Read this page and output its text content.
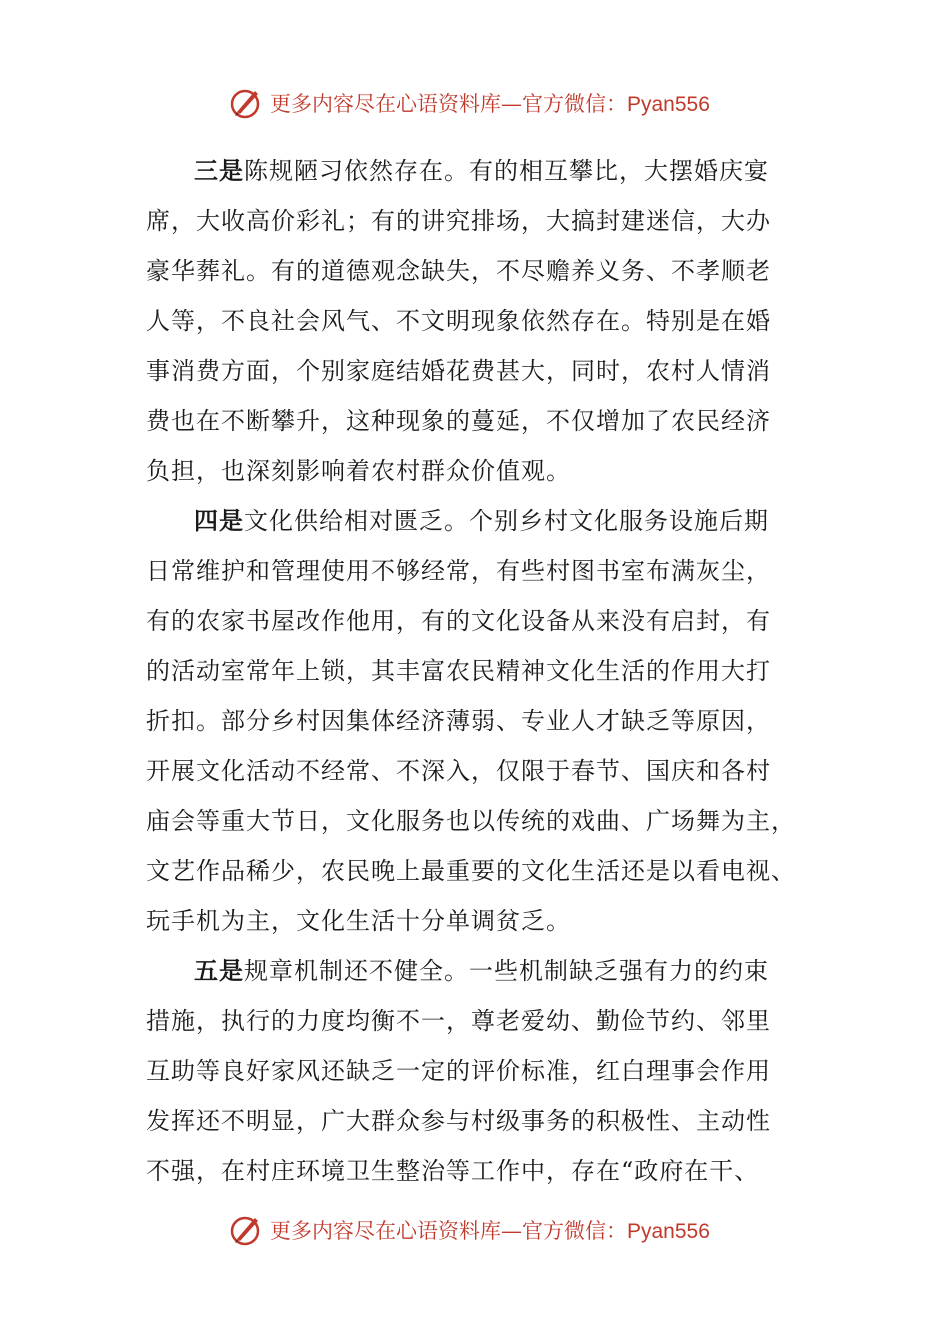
更多内容尽在心语资料库—官方微信：Pyan556
三是陈规陋习依然存在。有的相互攀比，大摆婚庆宴
席，大收高价彩礼；有的讲究排场，大搞封建迷信，大办
豪华葬礼。有的道德观念缺失，不尽赡养义务、不孝顺老
人等，不良社会风气、不文明现象依然存在。特别是在婚
事消费方面，个别家庭结婚花费甚大，同时，农村人情消
费也在不断攀升，这种现象的蔓延，不仅增加了农民经济
负担，也深刻影响着农村群众价值观。
四是文化供给相对匮乏。个别乡村文化服务设施后期
日常维护和管理使用不够经常，有些村图书室布满灰尘，
有的农家书屋改作他用，有的文化设备从来没有启封，有
的活动室常年上锁，其丰富农民精神文化生活的作用大打
折扣。部分乡村因集体经济薄弱、专业人才缺乏等原因，
开展文化活动不经常、不深入，仅限于春节、国庆和各村
庙会等重大节日，文化服务也以传统的戏曲、广场舞为主，
文艺作品稀少，农民晚上最重要的文化生活还是以看电视、
玩手机为主，文化生活十分单调贫乏。
五是规章机制还不健全。一些机制缺乏强有力的约束
措施，执行的力度均衡不一，尊老爱幼、勤俭节约、邻里
互助等良好家风还缺乏一定的评价标准，红白理事会作用
发挥还不明显，广大群众参与村级事务的积极性、主动性
不强，在村庄环境卫生整治等工作中，存在“政府在干、
更多内容尽在心语资料库—官方微信：Pyan556
